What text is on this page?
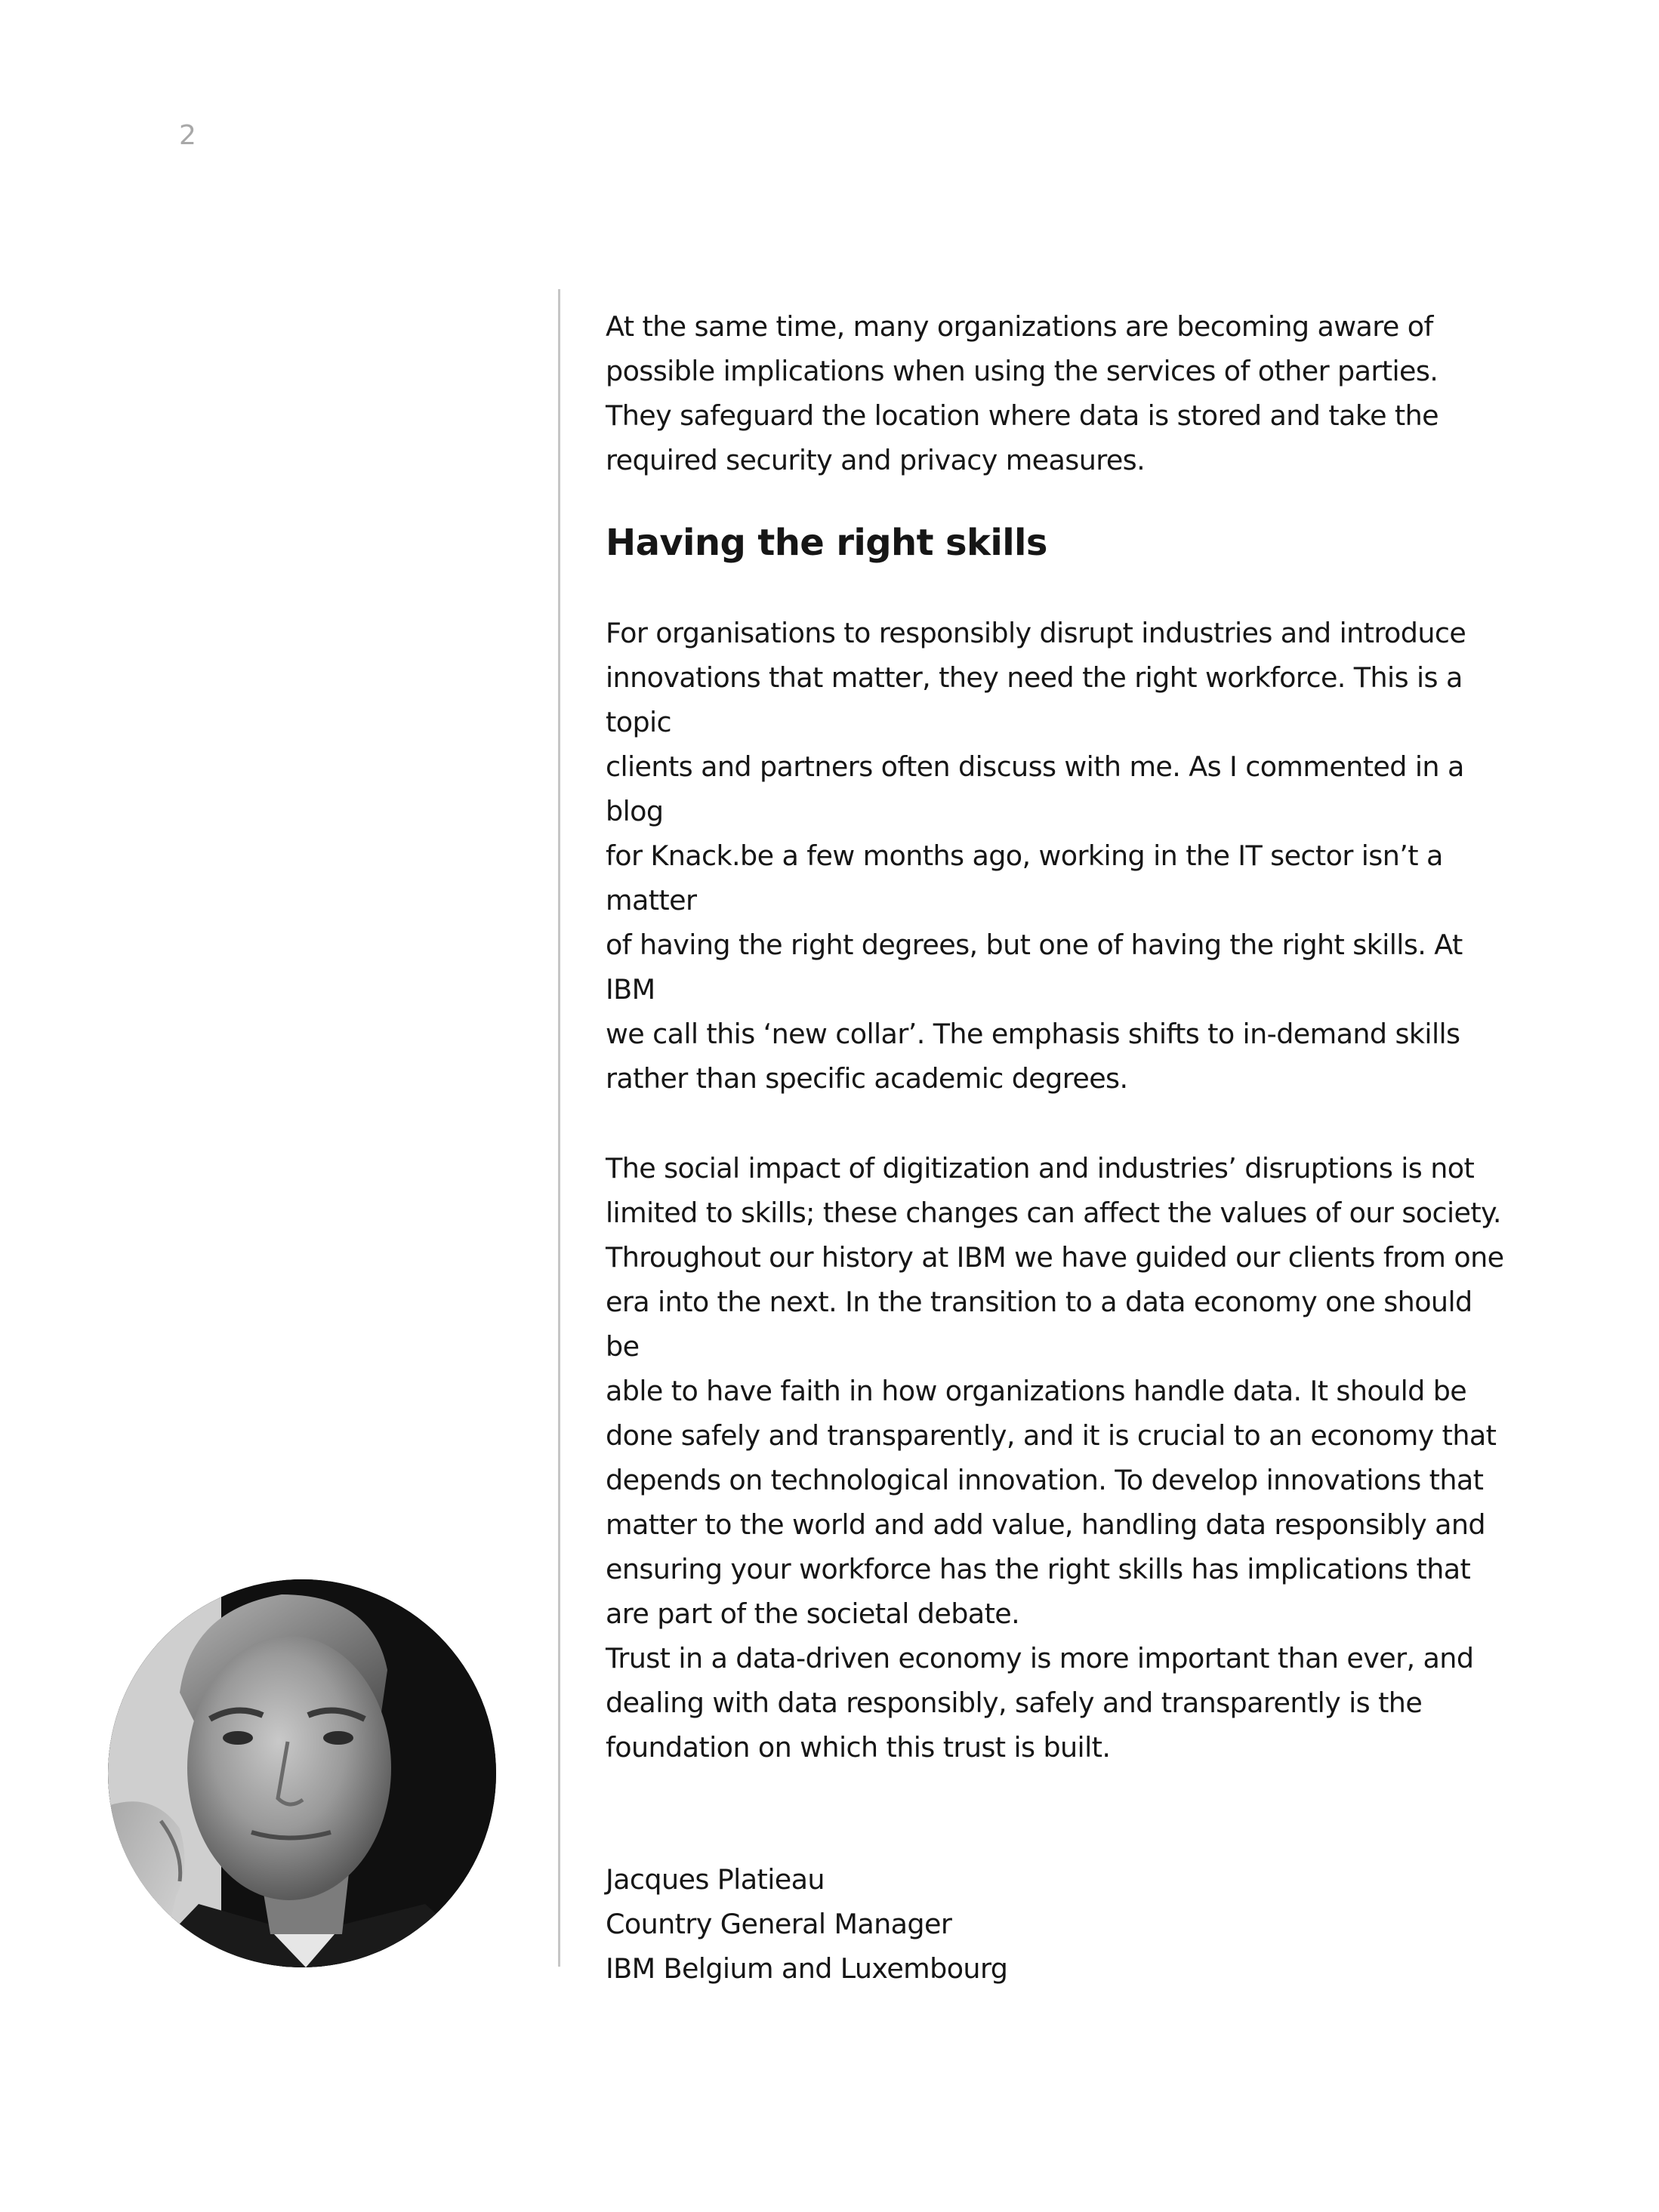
2

At the same time, many organizations are becoming aware of
possible implications when using the services of other parties.
They safeguard the location where data is stored and take the
required security and privacy measures.

Having the right skills

For organisations to responsibly disrupt industries and introduce
innovations that matter, they need the right workforce. This is a topic
clients and partners often discuss with me. As I commented in a blog
for Knack.be a few months ago, working in the IT sector isn’t a matter
of having the right degrees, but one of having the right skills. At IBM
we call this ‘new collar’. The emphasis shifts to in-demand skills
rather than specific academic degrees.

The social impact of digitization and industries’ disruptions is not
limited to skills; these changes can affect the values of our society.
Throughout our history at IBM we have guided our clients from one
era into the next. In the transition to a data economy one should be
able to have faith in how organizations handle data. It should be
done safely and transparently, and it is crucial to an economy that
depends on technological innovation. To develop innovations that
matter to the world and add value, handling data responsibly and
ensuring your workforce has the right skills has implications that
are part of the societal debate.
Trust in a data-driven economy is more important than ever, and
dealing with data responsibly, safely and transparently is the
foundation on which this trust is built.

Jacques Platieau
Country General Manager
IBM Belgium and Luxembourg
